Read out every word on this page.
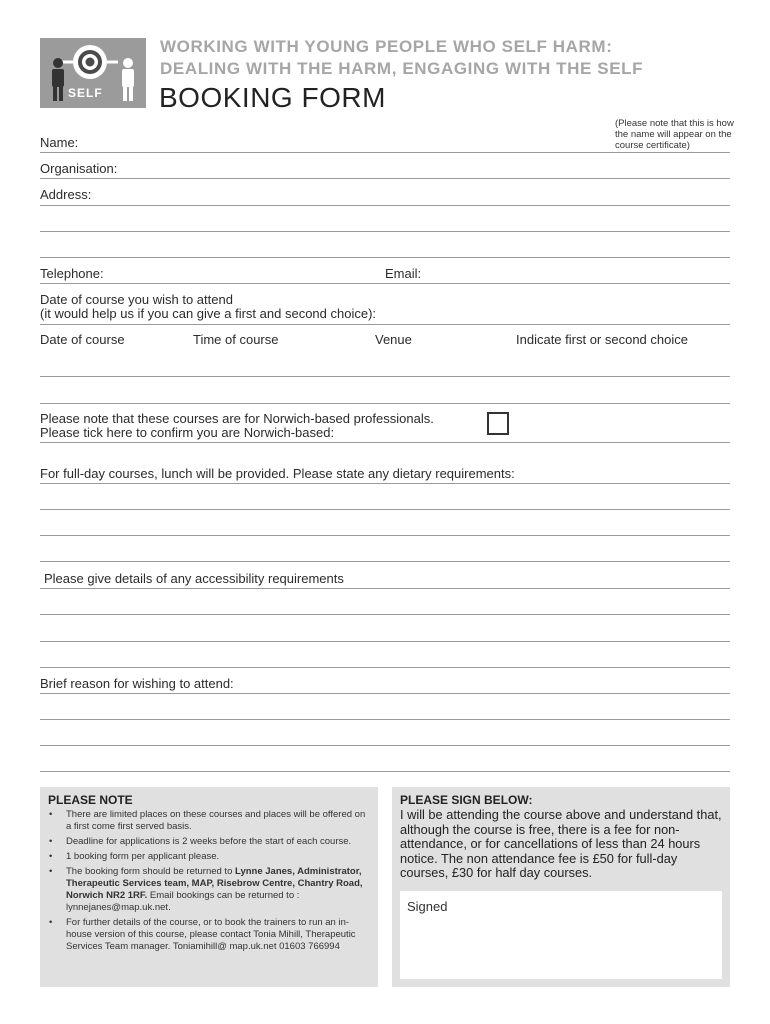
SELF
WORKING WITH YOUNG PEOPLE WHO SELF HARM:
DEALING WITH THE HARM, ENGAGING WITH THE SELF
BOOKING FORM
(Please note that this is how the name will appear on the course certificate)
Name:
Organisation:
Address:
Telephone:	Email:
Date of course you wish to attend
(it would help us if you can give a first and second choice):
Date of course	Time of course	Venue	Indicate first or second choice
Please note that these courses are for Norwich-based professionals.
Please tick here to confirm you are Norwich-based:
For full-day courses, lunch will be provided. Please state any dietary requirements:
Please give details of any accessibility requirements
Brief reason for wishing to attend:
PLEASE NOTE
• There are limited places on these courses and places will be offered on a first come first served basis.
• Deadline for applications is 2 weeks before the start of each course.
• 1 booking form per applicant please.
• The booking form should be returned to Lynne Janes, Administrator, Therapeutic Services team, MAP, Risebrow Centre, Chantry Road, Norwich NR2 1RF. Email bookings can be returned to : lynnejanes@map.uk.net.
• For further details of the course, or to book the trainers to run an in-house version of this course, please contact Tonia Mihill, Therapeutic Services Team manager. Toniamihill@ map.uk.net 01603 766994
PLEASE SIGN BELOW:
I will be attending the course above and understand that, although the course is free, there is a fee for non-attendance, or for cancellations of less than 24 hours notice. The non attendance fee is £50 for full-day courses, £30 for half day courses.
Signed
